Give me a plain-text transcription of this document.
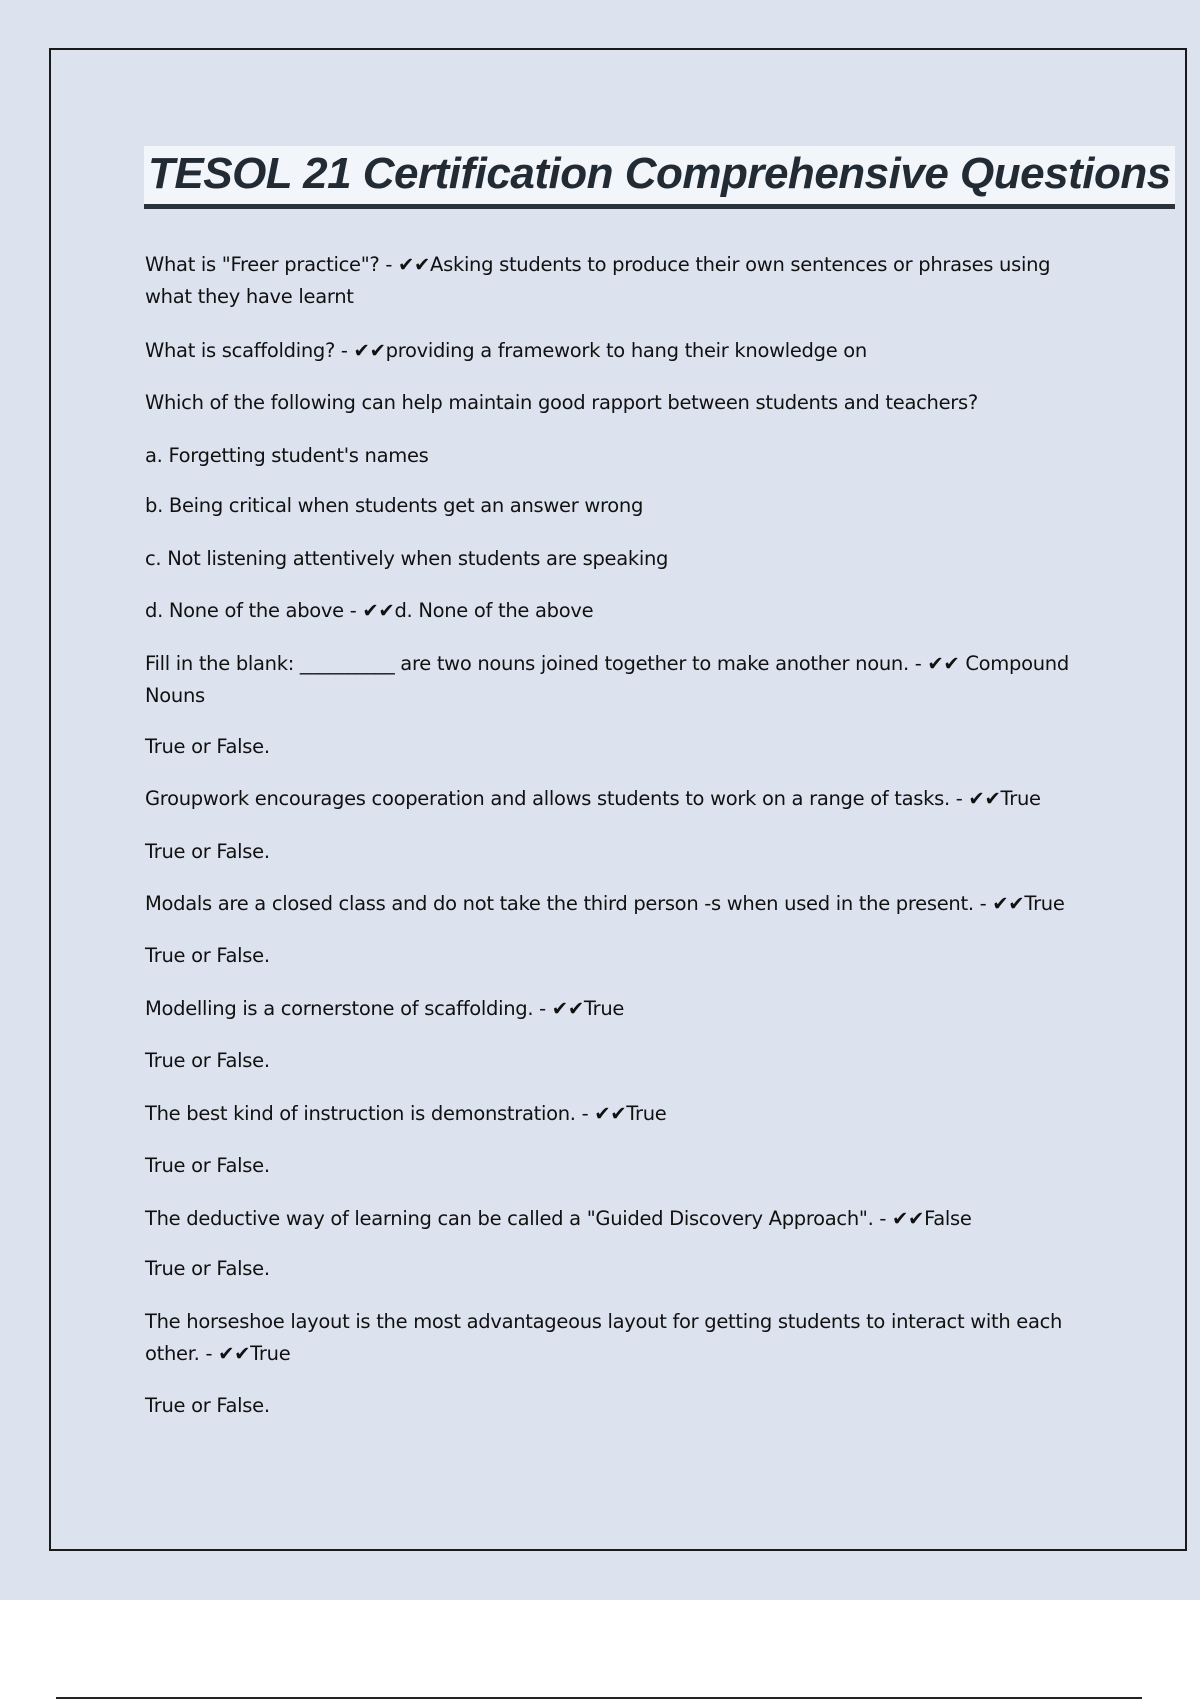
TESOL 21 Certification Comprehensive Questions
What is "Freer practice"? - ✔✔Asking students to produce their own sentences or phrases using what they have learnt
What is scaffolding? - ✔✔providing a framework to hang their knowledge on
Which of the following can help maintain good rapport between students and teachers?
a. Forgetting student's names
b. Being critical when students get an answer wrong
c. Not listening attentively when students are speaking
d. None of the above - ✔✔d. None of the above
Fill in the blank: __________ are two nouns joined together to make another noun. - ✔✔ Compound Nouns
True or False.
Groupwork encourages cooperation and allows students to work on a range of tasks. - ✔✔True
True or False.
Modals are a closed class and do not take the third person -s when used in the present. - ✔✔True
True or False.
Modelling is a cornerstone of scaffolding. - ✔✔True
True or False.
The best kind of instruction is demonstration. - ✔✔True
True or False.
The deductive way of learning can be called a "Guided Discovery Approach". - ✔✔False
True or False.
The horseshoe layout is the most advantageous layout for getting students to interact with each other. - ✔✔True
True or False.
